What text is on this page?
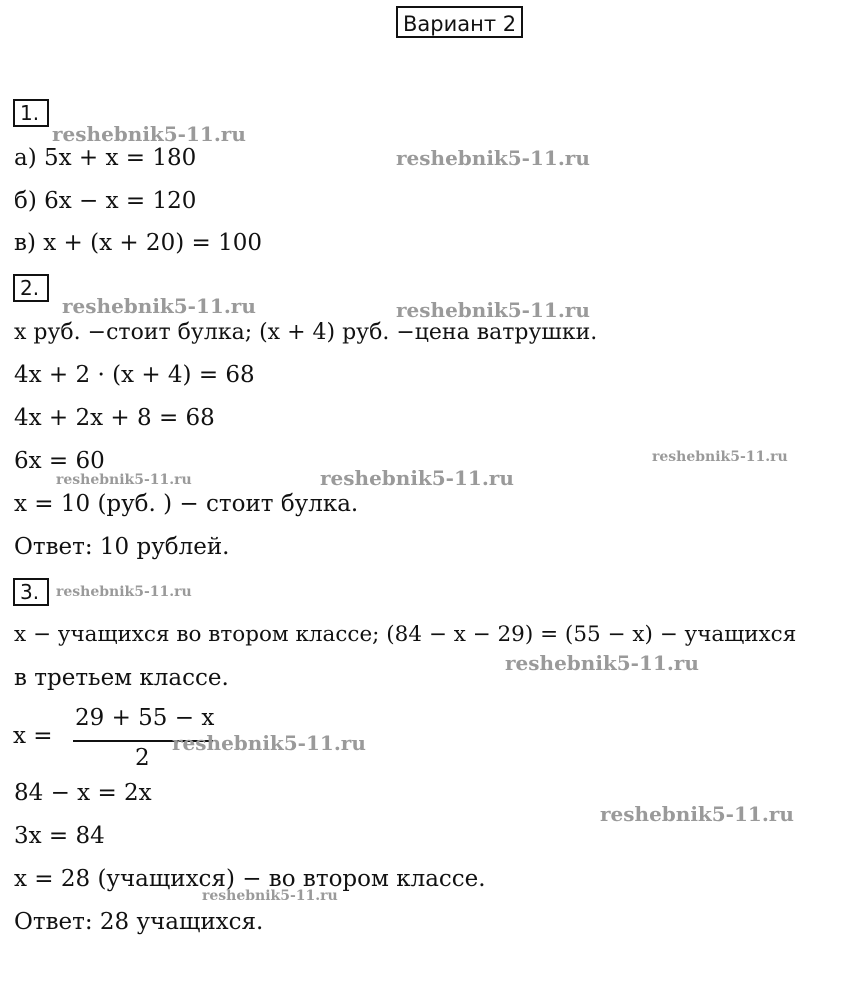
Вариант 2
1.
а) 5x + x = 180
б) 6x − x = 120
в) x + (x + 20) = 100
2.
x руб. −стоит булка; (x + 4) руб. −цена ватрушки.
4x + 2 · (x + 4) = 68
4x + 2x + 8 = 68
6x = 60
x = 10 (руб. ) − стоит булка.
Ответ: 10 рублей.
3.
x − учащихся во втором классе; (84 − x − 29) = (55 − x) − учащихся
в третьем классе.
x =
29 + 55 − x
2
84 − x = 2x
3x = 84
x = 28 (учащихся) − во втором классе.
Ответ: 28 учащихся.
reshebnik5-11.ru
reshebnik5-11.ru
reshebnik5-11.ru	reshebnik5-11.ru
reshebnik5-11.ru
reshebnik5-11.ru	reshebnik5-11.ru
reshebnik5-11.ru
reshebnik5-11.ru
reshebnik5-11.ru
reshebnik5-11.ru
reshebnik5-11.ru
